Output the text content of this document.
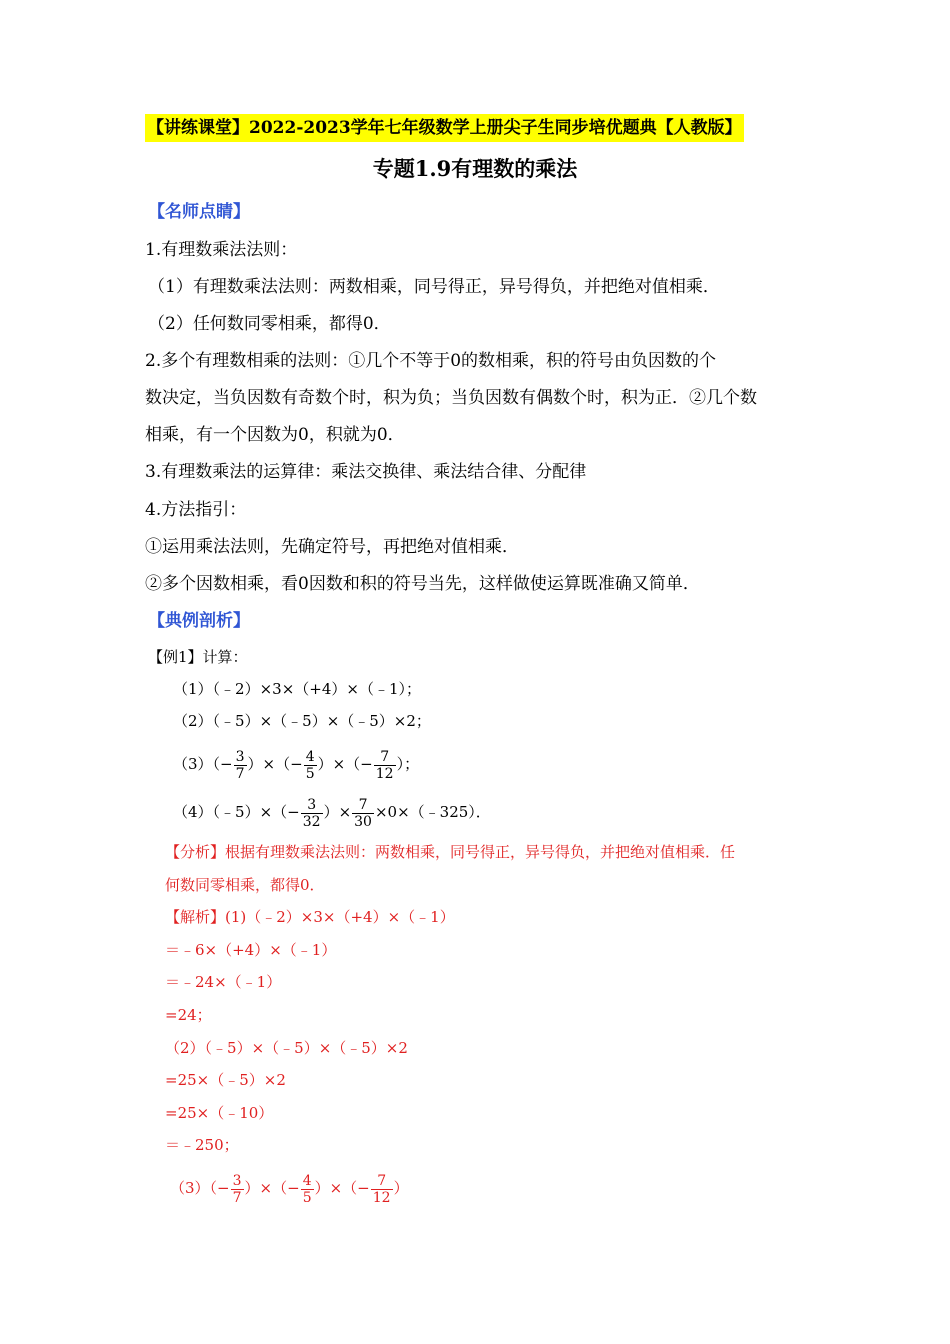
【讲练课堂】2022-2023学年七年级数学上册尖子生同步培优题典【人教版】
专题1.9有理数的乘法
【名师点睛】
1.有理数乘法法则：
（1）有理数乘法法则：两数相乘，同号得正，异号得负，并把绝对值相乘．
（2）任何数同零相乘，都得0．
2.多个有理数相乘的法则：①几个不等于0的数相乘，积的符号由负因数的个
数决定，当负因数有奇数个时，积为负；当负因数有偶数个时，积为正．②几个数
相乘，有一个因数为0，积就为0．
3.有理数乘法的运算律：乘法交换律、乘法结合律、分配律
4.方法指引：
①运用乘法法则，先确定符号，再把绝对值相乘．
②多个因数相乘，看0因数和积的符号当先，这样做使运算既准确又简单．
【典例剖析】
【例1】计算：
（1）（﹣2）×3×（+4）×（﹣1）；
（2）（﹣5）×（﹣5）×（﹣5）×2；
$(3)(- \frac{3}{7}$ ）×（− $\frac{4}{5}$ ）×（− $\frac{7}{12}$ ）；
（4）（﹣5）×（− $\frac{3}{32}$ ）× $\frac{7}{30}$ ×0×（﹣325）．
【分析】根据有理数乘法法则：两数相乘，同号得正，异号得负，并把绝对值相乘．任
何数同零相乘，都得0．
【解析】(1)（﹣2）×3×（+4）×（﹣1）
＝﹣6×（+4）×（﹣1）
＝﹣24×（﹣1）
=24；
（2）（﹣5）×（﹣5）×（﹣5）×2
=25×（﹣5）×2
=25×（﹣10）
＝﹣250；
$(3)(- \frac{3}{7}$ ）×（− $\frac{4}{5}$ ）×（− $\frac{7}{12}$ ）
